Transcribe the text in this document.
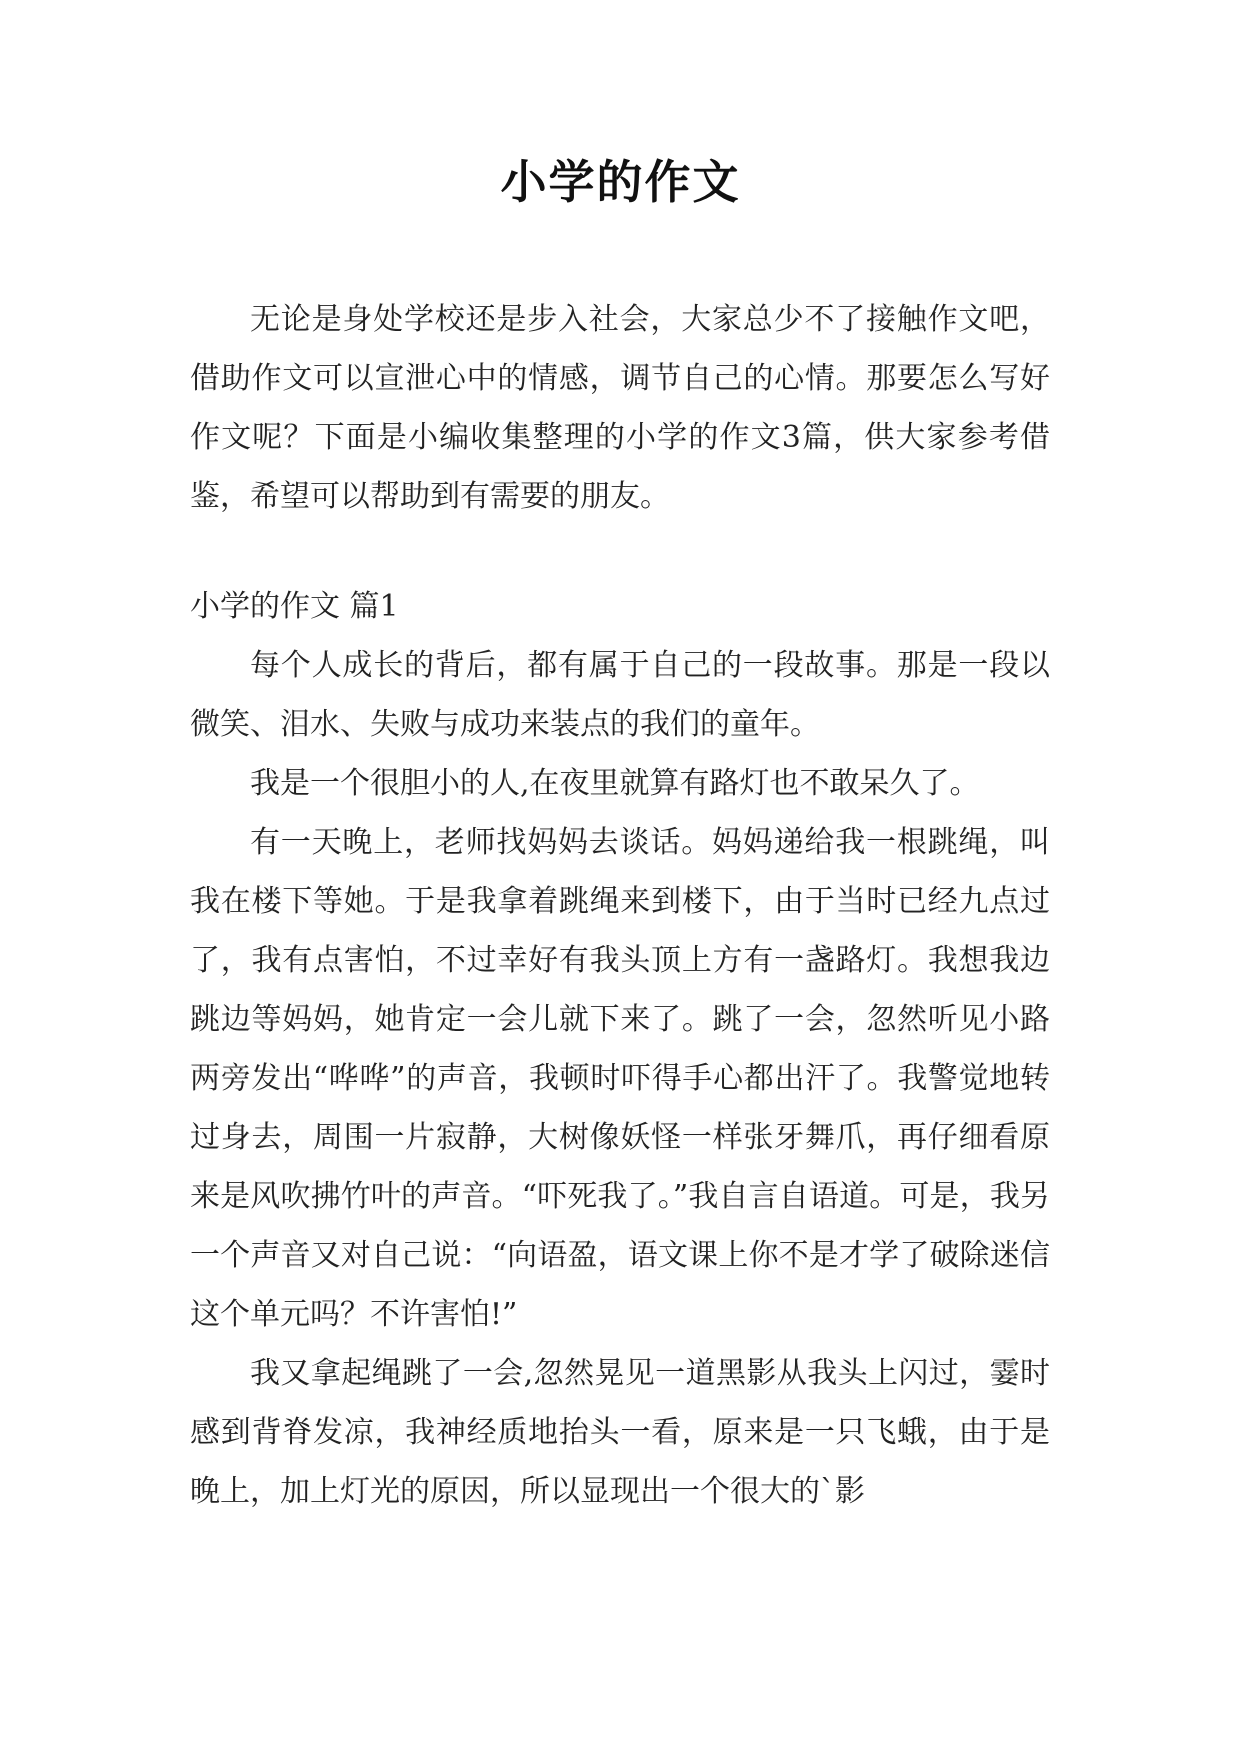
小学的作文

无论是身处学校还是步入社会，大家总少不了接触作文吧，借助作文可以宣泄心中的情感，调节自己的心情。那要怎么写好作文呢？下面是小编收集整理的小学的作文3篇，供大家参考借鉴，希望可以帮助到有需要的朋友。

小学的作文 篇1

每个人成长的背后，都有属于自己的一段故事。那是一段以微笑、泪水、失败与成功来装点的我们的童年。

我是一个很胆小的人,在夜里就算有路灯也不敢呆久了。

有一天晚上，老师找妈妈去谈话。妈妈递给我一根跳绳，叫我在楼下等她。于是我拿着跳绳来到楼下，由于当时已经九点过了，我有点害怕，不过幸好有我头顶上方有一盏路灯。我想我边跳边等妈妈，她肯定一会儿就下来了。跳了一会，忽然听见小路两旁发出“哗哗”的声音，我顿时吓得手心都出汗了。我警觉地转过身去，周围一片寂静，大树像妖怪一样张牙舞爪，再仔细看原来是风吹拂竹叶的声音。“吓死我了。”我自言自语道。可是，我另一个声音又对自己说：“向语盈，语文课上你不是才学了破除迷信这个单元吗？不许害怕!”

我又拿起绳跳了一会,忽然晃见一道黑影从我头上闪过，霎时感到背脊发凉，我神经质地抬头一看，原来是一只飞蛾，由于是晚上，加上灯光的原因，所以显现出一个很大的`影
